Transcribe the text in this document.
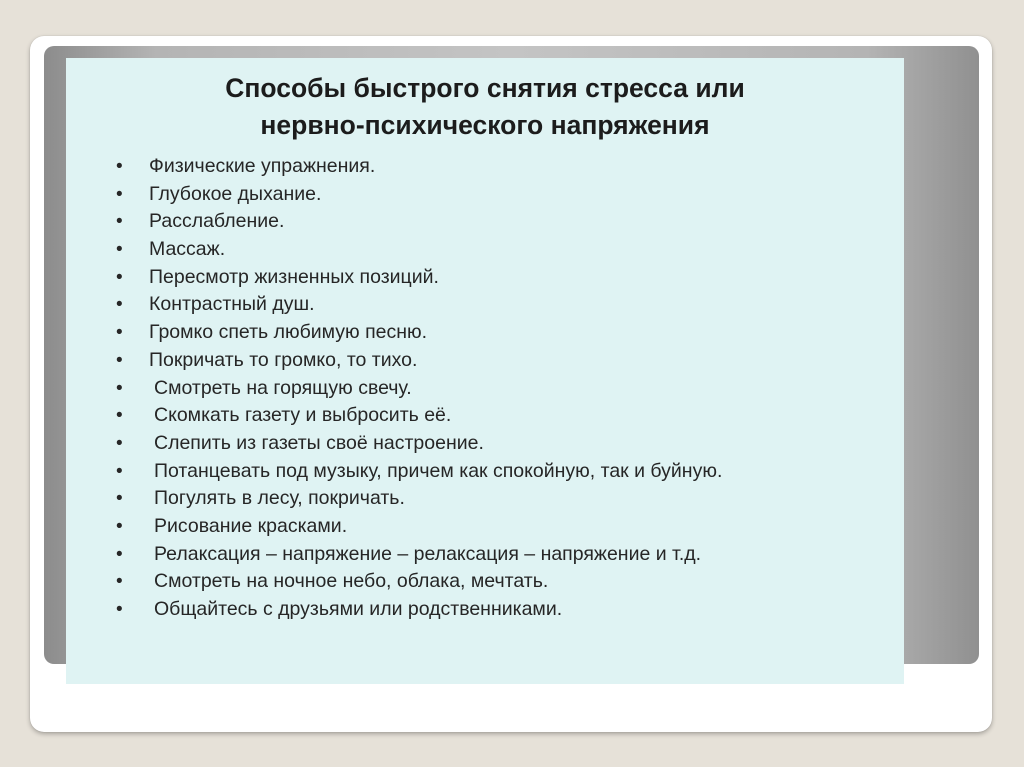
Способы быстрого снятия стресса или
нервно-психического напряжения
• Физические упражнения.
• Глубокое дыхание.
• Расслабление.
• Массаж.
• Пересмотр жизненных позиций.
• Контрастный душ.
• Громко спеть любимую песню.
• Покричать то громко, то тихо.
• Смотреть на горящую свечу.
• Скомкать газету и выбросить её.
• Слепить из газеты своё настроение.
• Потанцевать под музыку, причем как спокойную, так и буйную.
• Погулять в лесу, покричать.
• Рисование красками.
• Релаксация – напряжение – релаксация – напряжение и т.д.
• Смотреть на ночное небо, облака, мечтать.
• Общайтесь с друзьями или родственниками.
